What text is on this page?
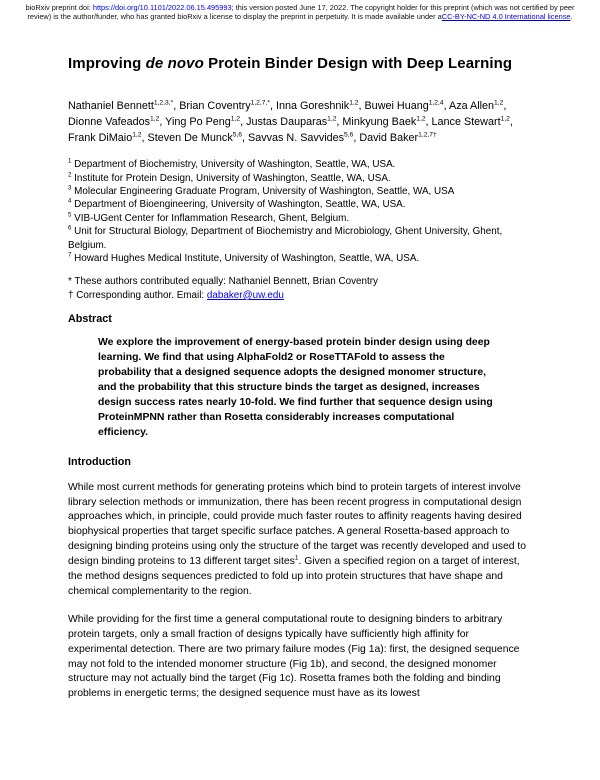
bioRxiv preprint doi: https://doi.org/10.1101/2022.06.15.495993; this version posted June 17, 2022. The copyright holder for this preprint (which was not certified by peer review) is the author/funder, who has granted bioRxiv a license to display the preprint in perpetuity. It is made available under aCC-BY-NC-ND 4.0 International license.
Improving de novo Protein Binder Design with Deep Learning
Nathaniel Bennett$^{1,2,3,*}$ , Brian Coventry$^{1,2,7,*}$ , Inna Goreshnik$^{1,2}$ , Buwei Huang$^{1,2,4}$ , Aza Allen$^{1,2}$ , Dionne Vafeados$^{1,2}$ , Ying Po Peng$^{1,2}$ , Justas Dauparas$^{1,2}$ , Minkyung Baek$^{1,2}$ , Lance Stewart$^{1,2}$ , Frank DiMaio$^{1,2}$ , Steven De Munck$^{5,6}$ , Savvas N. Savvides$^{5,6}$ , David Baker$^{1,2,7\dagger}$
$^1$ Department of Biochemistry, University of Washington, Seattle, WA, USA.
$^2$ Institute for Protein Design, University of Washington, Seattle, WA, USA.
$^3$ Molecular Engineering Graduate Program, University of Washington, Seattle, WA, USA
$^4$ Department of Bioengineering, University of Washington, Seattle, WA, USA.
$^5$ VIB-UGent Center for Inflammation Research, Ghent, Belgium.
$^6$ Unit for Structural Biology, Department of Biochemistry and Microbiology, Ghent University, Ghent, Belgium.
$^7$ Howard Hughes Medical Institute, University of Washington, Seattle, WA, USA.
* These authors contributed equally: Nathaniel Bennett, Brian Coventry
† Corresponding author. Email: dabaker@uw.edu
Abstract

We explore the improvement of energy-based protein binder design using deep learning. We find that using AlphaFold2 or RoseTTAFold to assess the probability that a designed sequence adopts the designed monomer structure, and the probability that this structure binds the target as designed, increases design success rates nearly 10-fold. We find further that sequence design using ProteinMPNN rather than Rosetta considerably increases computational efficiency.

Introduction

While most current methods for generating proteins which bind to protein targets of interest involve library selection methods or immunization, there has been recent progress in computational design approaches which, in principle, could provide much faster routes to affinity reagents having desired biophysical properties that target specific surface patches. A general Rosetta-based approach to designing binding proteins using only the structure of the target was recently developed and used to design binding proteins to 13 different target sites$^1$. Given a specified region on a target of interest, the method designs sequences predicted to fold up into protein structures that have shape and chemical complementarity to the region.

While providing for the first time a general computational route to designing binders to arbitrary protein targets, only a small fraction of designs typically have sufficiently high affinity for experimental detection. There are two primary failure modes (Fig 1a): first, the designed sequence may not fold to the intended monomer structure (Fig 1b), and second, the designed monomer structure may not actually bind the target (Fig 1c). Rosetta frames both the folding and binding problems in energetic terms; the designed sequence must have as its lowest
